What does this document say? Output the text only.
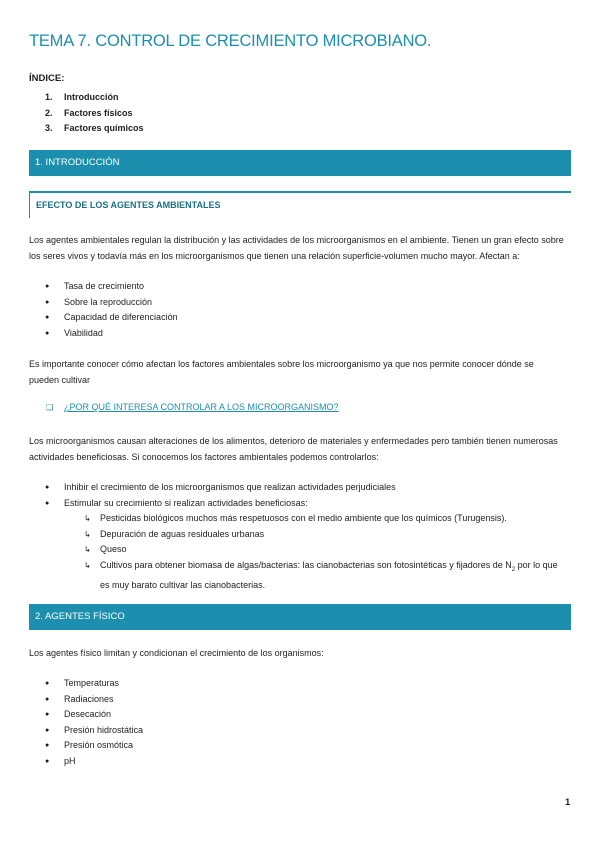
TEMA 7. CONTROL DE CRECIMIENTO MICROBIANO.
ÍNDICE:
1. Introducción
2. Factores físicos
3. Factores químicos
1. INTRODUCCIÓN
EFECTO DE LOS AGENTES AMBIENTALES

Los agentes ambientales regulan la distribución y las actividades de los microorganismos en el ambiente. Tienen un gran efecto sobre
los seres vivos y todavía más en los microorganismos que tienen una relación superficie-volumen mucho mayor. Afectan a:

● Tasa de crecimiento
● Sobre la reproducción
● Capacidad de diferenciación
● Viabilidad

Es importante conocer cómo afectan los factores ambientales sobre los microorganismo ya que nos permite conocer dónde se
pueden cultivar

❏ ¿POR QUÉ INTERESA CONTROLAR A LOS MICROORGANISMO?

Los microorganismos causan alteraciones de los alimentos, deterioro de materiales y enfermedades pero también tienen numerosas
actividades beneficiosas. Si conocemos los factores ambientales podemos controlarlos:

● Inhibir el crecimiento de los microorganismos que realizan actividades perjudiciales
● Estimular su crecimiento si realizan actividades beneficiosas:
↳ Pesticidas biológicos muchos más respetuosos con el medio ambiente que los químicos (Turugensis).
↳ Depuración de aguas residuales urbanas
↳ Queso
↳ Cultivos para obtener biomasa de algas/bacterias: las cianobacterias son fotosintéticas y fijadores de $N_2$ por lo que
es muy barato cultivar las cianobacterias.
2. AGENTES FÍSICO

Los agentes físico limitan y condicionan el crecimiento de los organismos:

● Temperaturas
● Radiaciones
● Desecación
● Presión hidrostática
● Presión osmótica
● pH
1
